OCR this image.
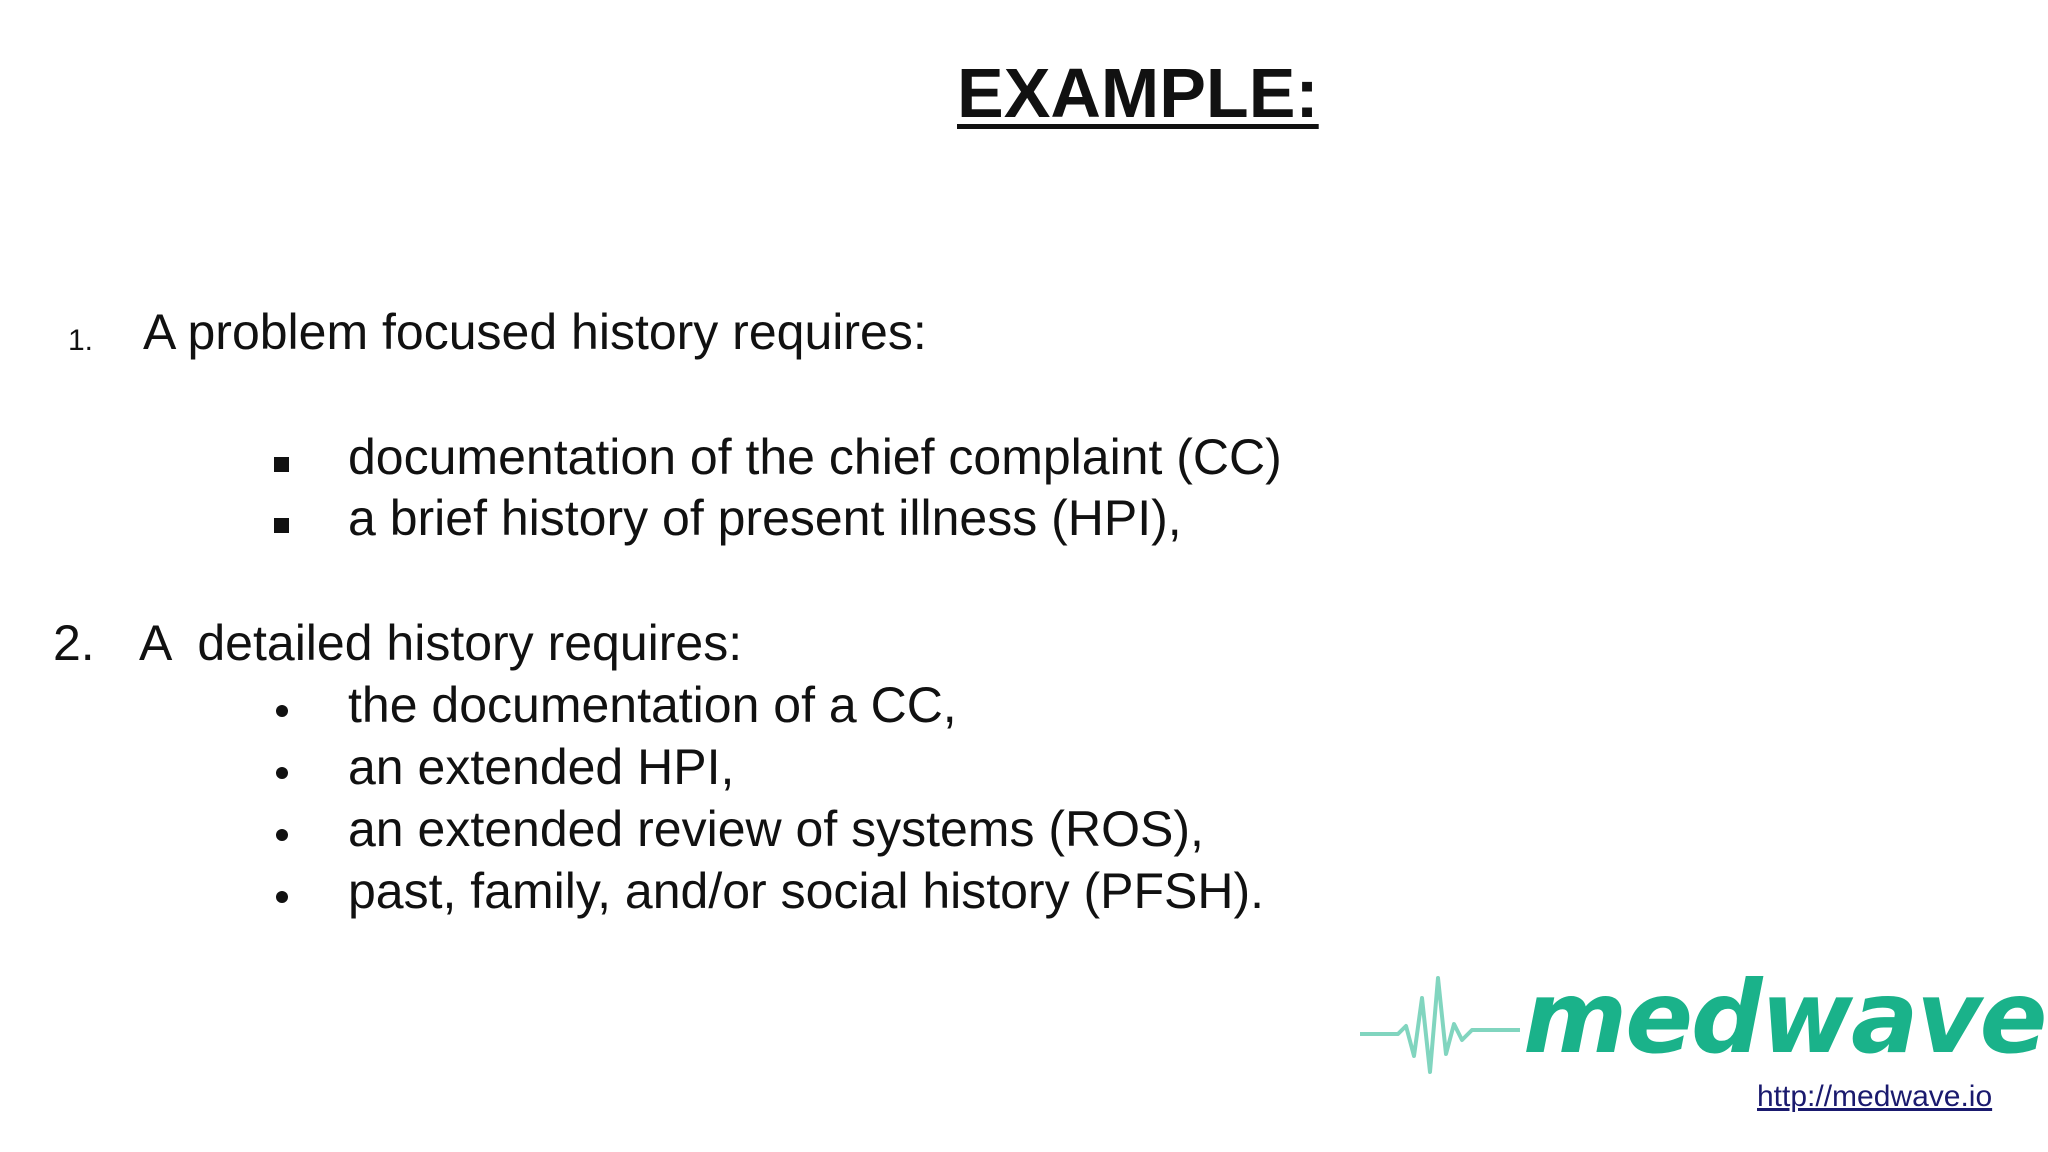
EXAMPLE:
1. A problem focused history requires:
documentation of the chief complaint (CC)
a brief history of present illness (HPI),
2. A  detailed history requires:
the documentation of a CC,
an extended HPI,
an extended review of systems (ROS),
past, family, and/or social history (PFSH).
medwave
http://medwave.io
